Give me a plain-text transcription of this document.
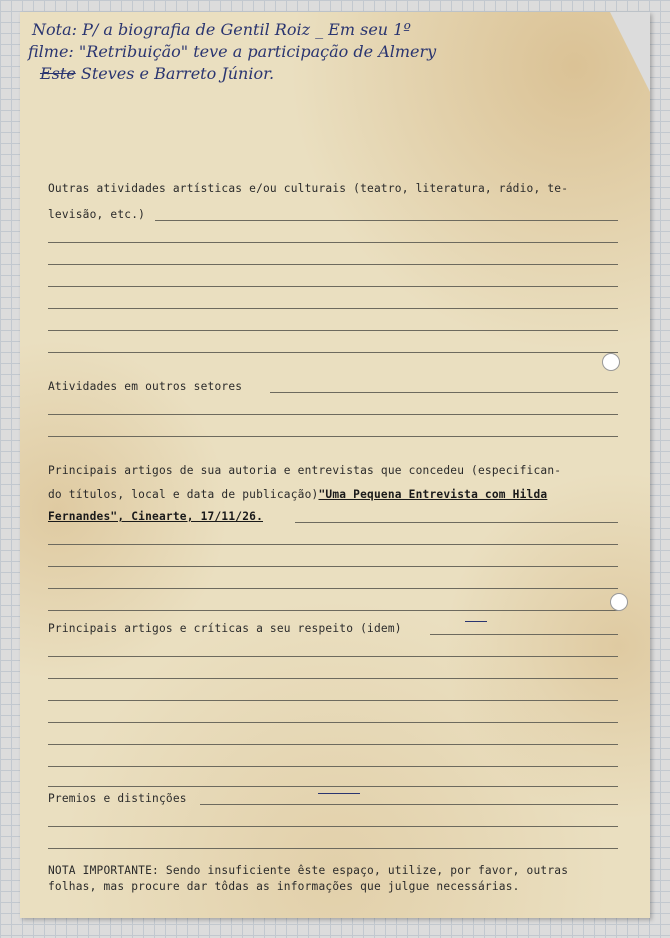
Nota: P/ a biografia de Gentil Roiz _ Em seu 1º
filme: "Retribuição" teve a participação de Almery
Este Steves e Barreto Júnior.
Outras atividades artísticas e/ou culturais (teatro, literatura, rádio, te-
levisão, etc.)
Atividades em outros setores
Principais artigos de sua autoria e entrevistas que concedeu (especifican-
do títulos, local e data de publicação)"Uma Pequena Entrevista com Hilda
Fernandes", Cinearte, 17/11/26.
Principais artigos e críticas a seu respeito (idem)
Premios e distinções
NOTA IMPORTANTE: Sendo insuficiente êste espaço, utilize, por favor, outras
folhas, mas procure dar tôdas as informações que julgue necessárias.
